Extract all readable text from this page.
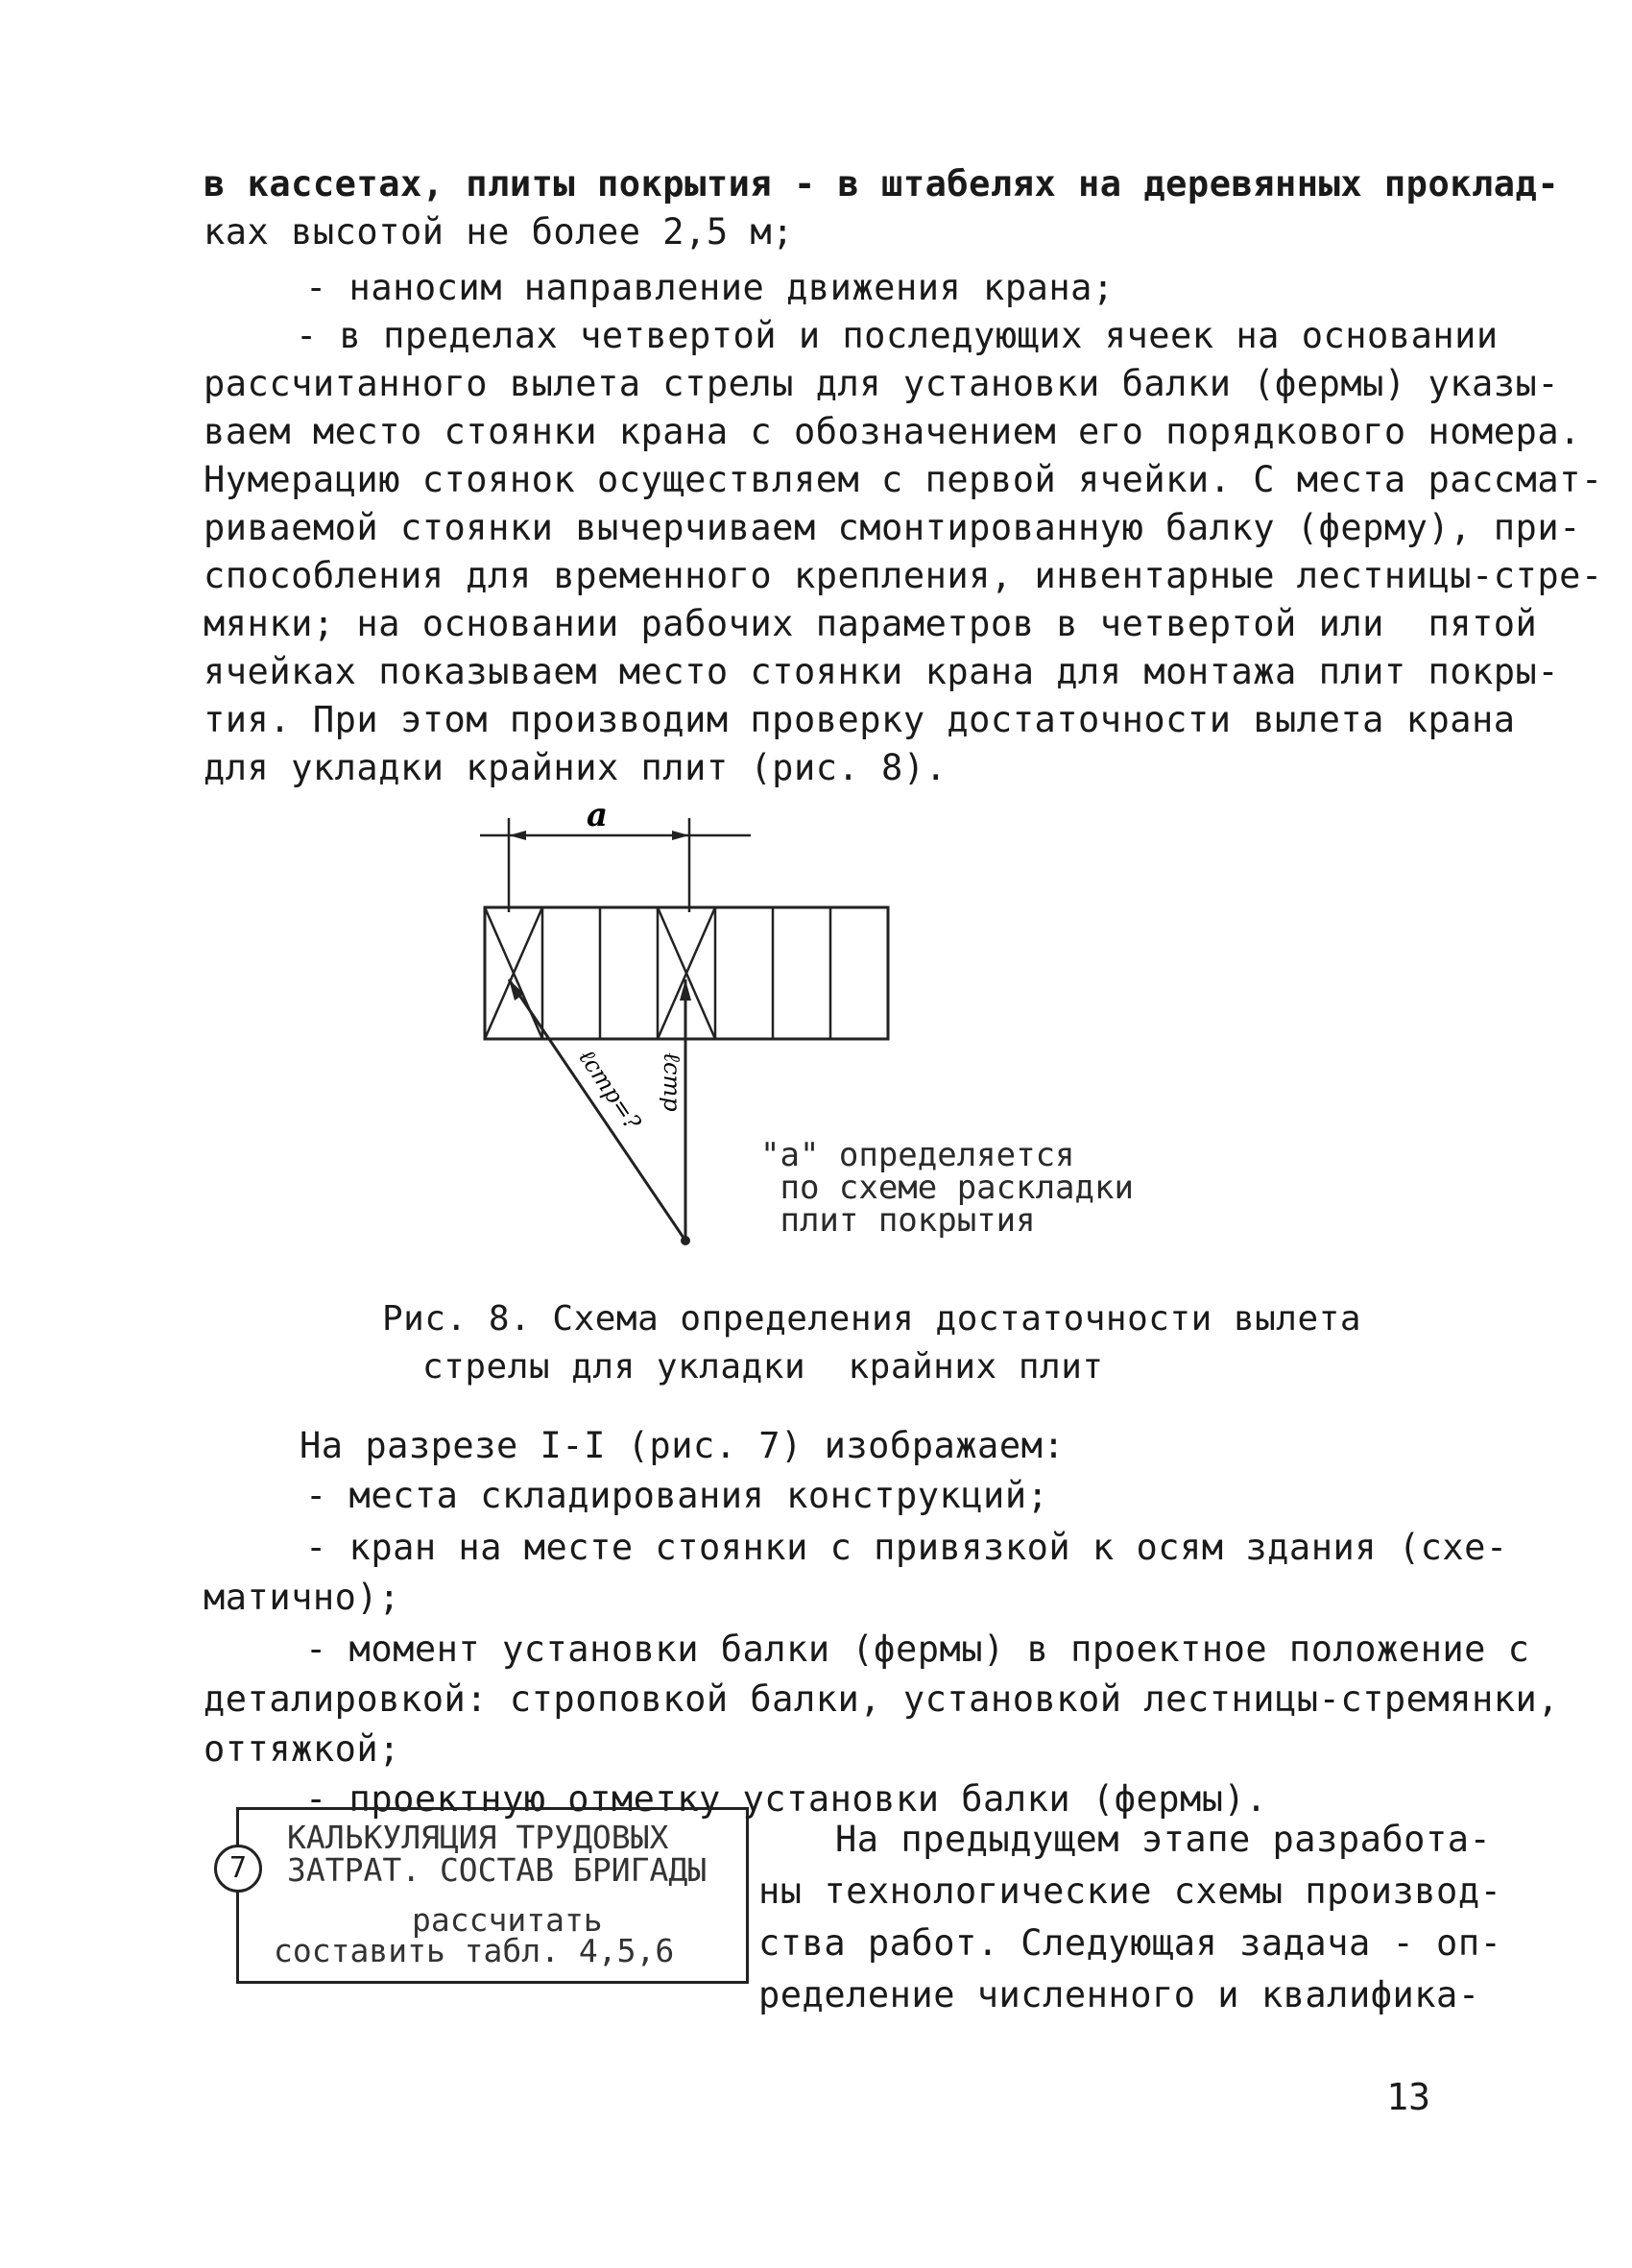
в кассетах, плиты покрытия - в штабелях на деревянных проклад-
ках высотой не более 2,5 м;
- наносим направление движения крана;
- в пределах четвертой и последующих ячеек на основании
рассчитанного вылета стрелы для установки балки (фермы) указы-
ваем место стоянки крана с обозначением его порядкового номера.
Нумерацию стоянок осуществляем с первой ячейки. С места рассмат-
риваемой стоянки вычерчиваем смонтированную балку (ферму), при-
способления для временного крепления, инвентарные лестницы-стре-
мянки; на основании рабочих параметров в четвертой или  пятой
ячейках показываем место стоянки крана для монтажа плит покры-
тия. При этом производим проверку достаточности вылета крана
для укладки крайних плит (рис. 8).
a
ℓстр=? ℓстр
"а" определяется
по схеме раскладки
плит покрытия
Рис. 8. Схема определения достаточности вылета
стрелы для укладки  крайних плит
На разрезе I-I (рис. 7) изображаем:
- места складирования конструкций;
- кран на месте стоянки с привязкой к осям здания (схе-
матично);
- момент установки балки (фермы) в проектное положение с
деталировкой: строповкой балки, установкой лестницы-стремянки,
оттяжкой;
- проектную отметку установки балки (фермы).
7
КАЛЬКУЛЯЦИЯ ТРУДОВЫХ
ЗАТРАТ. СОСТАВ БРИГАДЫ
рассчитать
составить табл. 4,5,6
На предыдущем этапе разработа-
ны технологические схемы производ-
ства работ. Следующая задача - оп-
ределение численного и квалифика-
13
